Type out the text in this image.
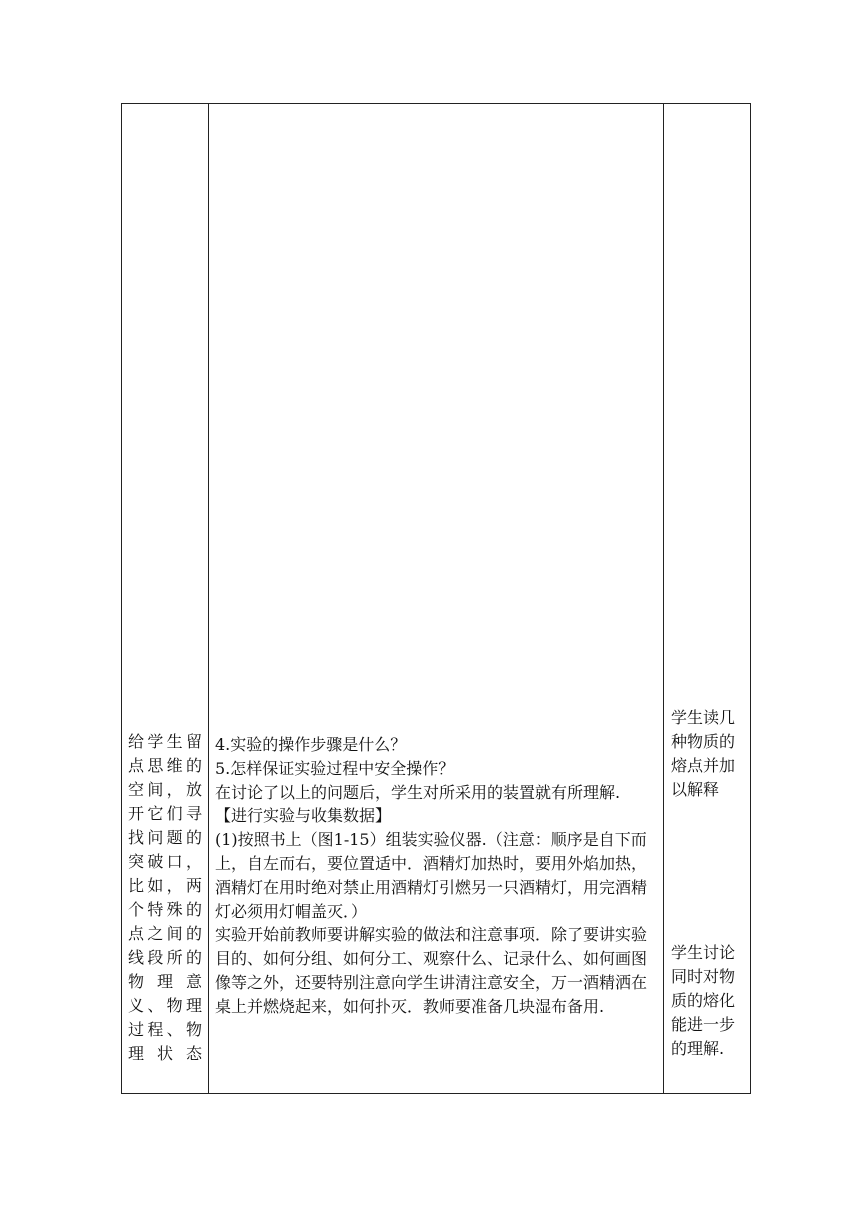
给学生留
点思维的
空间，放
开它们寻
找问题的
突破口，
比如，两
个特殊的
点之间的
线段所的
物 理 意
义、物理
过程、物
理 状 态

4.实验的操作步骤是什么？

5.怎样保证实验过程中安全操作？

在讨论了以上的问题后，学生对所采用的装置就有所理解.

【进行实验与收集数据】

(1)按照书上（图1-15）组装实验仪器.（注意：顺序是自下而上，自左而右，要位置适中．酒精灯加热时，要用外焰加热，酒精灯在用时绝对禁止用酒精灯引燃另一只酒精灯，用完酒精灯必须用灯帽盖灭．）

实验开始前教师要讲解实验的做法和注意事项．除了要讲实验目的、如何分组、如何分工、观察什么、记录什么、如何画图像等之外，还要特别注意向学生讲清注意安全，万一酒精洒在桌上并燃烧起来，如何扑灭．教师要准备几块湿布备用.

学生读几
种物质的
熔点并加
以解释
学生讨论
同时对物
质的熔化
能进一步
的理解.
